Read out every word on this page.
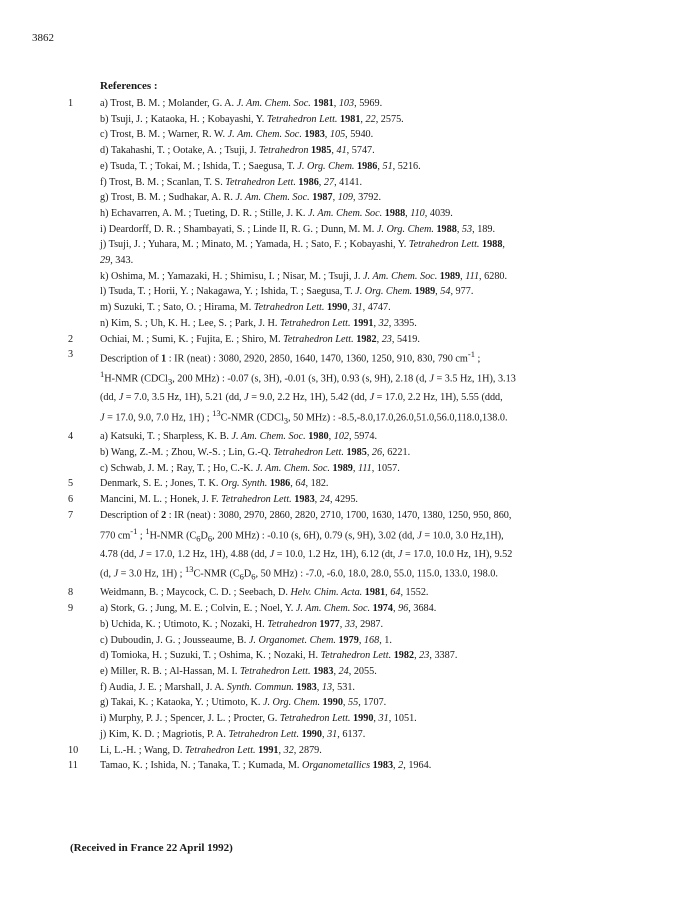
3862
References :
1	a) Trost, B. M. ; Molander, G. A. J. Am. Chem. Soc. 1981, 103, 5969.
b) Tsuji, J. ; Kataoka, H. ; Kobayashi, Y. Tetrahedron Lett. 1981, 22, 2575.
c) Trost, B. M. ; Warner, R. W. J. Am. Chem. Soc. 1983, 105, 5940.
d) Takahashi, T. ; Ootake, A. ; Tsuji, J. Tetrahedron 1985, 41, 5747.
e) Tsuda, T. ; Tokai, M. ; Ishida, T. ; Saegusa, T. J. Org. Chem. 1986, 51, 5216.
f) Trost, B. M. ; Scanlan, T. S. Tetrahedron Lett. 1986, 27, 4141.
g) Trost, B. M. ; Sudhakar, A. R. J. Am. Chem. Soc. 1987, 109, 3792.
h) Echavarren, A. M. ; Tueting, D. R. ; Stille, J. K. J. Am. Chem. Soc. 1988, 110, 4039.
i) Deardorff, D. R. ; Shambayati, S. ; Linde II, R. G. ; Dunn, M. M. J. Org. Chem. 1988, 53, 189.
j) Tsuji, J. ; Yuhara, M. ; Minato, M. ; Yamada, H. ; Sato, F. ; Kobayashi, Y. Tetrahedron Lett. 1988,
29, 343.
k) Oshima, M. ; Yamazaki, H. ; Shimisu, I. ; Nisar, M. ; Tsuji, J. J. Am. Chem. Soc. 1989, 111, 6280.
l) Tsuda, T. ; Horii, Y. ; Nakagawa, Y. ; Ishida, T. ; Saegusa, T. J. Org. Chem. 1989, 54, 977.
m) Suzuki, T. ; Sato, O. ; Hirama, M. Tetrahedron Lett. 1990, 31, 4747.
n) Kim, S. ; Uh, K. H. ; Lee, S. ; Park, J. H. Tetrahedron Lett. 1991, 32, 3395.
2	Ochiai, M. ; Sumi, K. ; Fujita, E. ; Shiro, M. Tetrahedron Lett. 1982, 23, 5419.
3	Description of 1 : IR (neat) : 3080, 2920, 2850, 1640, 1470, 1360, 1250, 910, 830, 790 $cm^{-1}$ ;
$^1$H-NMR (CDCl$_3$, 200 MHz) : -0.07 (s, 3H), -0.01 (s, 3H), 0.93 (s, 9H), 2.18 (d, J = 3.5 Hz, 1H), 3.13
(dd, J = 7.0, 3.5 Hz, 1H), 5.21 (dd, J = 9.0, 2.2 Hz, 1H), 5.42 (dd, J = 17.0, 2.2 Hz, 1H), 5.55 (ddd,
J = 17.0, 9.0, 7.0 Hz, 1H) ; $^{13}$C-NMR (CDCl$_3$, 50 MHz) : -8.5,-8.0,17.0,26.0,51.0,56.0,118.0,138.0.
4	a) Katsuki, T. ; Sharpless, K. B. J. Am. Chem. Soc. 1980, 102, 5974.
b) Wang, Z.-M. ; Zhou, W.-S. ; Lin, G.-Q. Tetrahedron Lett. 1985, 26, 6221.
c) Schwab, J. M. ; Ray, T. ; Ho, C.-K. J. Am. Chem. Soc. 1989, 111, 1057.
5	Denmark, S. E. ; Jones, T. K. Org. Synth. 1986, 64, 182.
6	Mancini, M. L. ; Honek, J. F. Tetrahedron Lett. 1983, 24, 4295.
7	Description of 2 : IR (neat) : 3080, 2970, 2860, 2820, 2710, 1700, 1630, 1470, 1380, 1250, 950, 860,
770 $cm^{-1}$ ; $^1$H-NMR ($C_6D_6$, 200 MHz) : -0.10 (s, 6H), 0.79 (s, 9H), 3.02 (dd, J = 10.0, 3.0 Hz,1H),
4.78 (dd, J = 17.0, 1.2 Hz, 1H), 4.88 (dd, J = 10.0, 1.2 Hz, 1H), 6.12 (dt, J = 17.0, 10.0 Hz, 1H), 9.52
(d, J = 3.0 Hz, 1H) ; $^{13}$C-NMR ($C_6D_6$, 50 MHz) : -7.0, -6.0, 18.0, 28.0, 55.0, 115.0, 133.0, 198.0.
8	Weidmann, B. ; Maycock, C. D. ; Seebach, D. Helv. Chim. Acta. 1981, 64, 1552.
9	a) Stork, G. ; Jung, M. E. ; Colvin, E. ; Noel, Y. J. Am. Chem. Soc. 1974, 96, 3684.
b) Uchida, K. ; Utimoto, K. ; Nozaki, H. Tetrahedron 1977, 33, 2987.
c) Duboudin, J. G. ; Jousseaume, B. J. Organomet. Chem. 1979, 168, 1.
d) Tomioka, H. ; Suzuki, T. ; Oshima, K. ; Nozaki, H. Tetrahedron Lett. 1982, 23, 3387.
e) Miller, R. B. ; Al-Hassan, M. I. Tetrahedron Lett. 1983, 24, 2055.
f) Audia, J. E. ; Marshall, J. A. Synth. Commun. 1983, 13, 531.
g) Takai, K. ; Kataoka, Y. ; Utimoto, K. J. Org. Chem. 1990, 55, 1707.
i) Murphy, P. J. ; Spencer, J. L. ; Procter, G. Tetrahedron Lett. 1990, 31, 1051.
j) Kim, K. D. ; Magriotis, P. A. Tetrahedron Lett. 1990, 31, 6137.
10	Li, L.-H. ; Wang, D. Tetrahedron Lett. 1991, 32, 2879.
11	Tamao, K. ; Ishida, N. ; Tanaka, T. ; Kumada, M. Organometallics 1983, 2, 1964.
(Received in France 22 April 1992)
